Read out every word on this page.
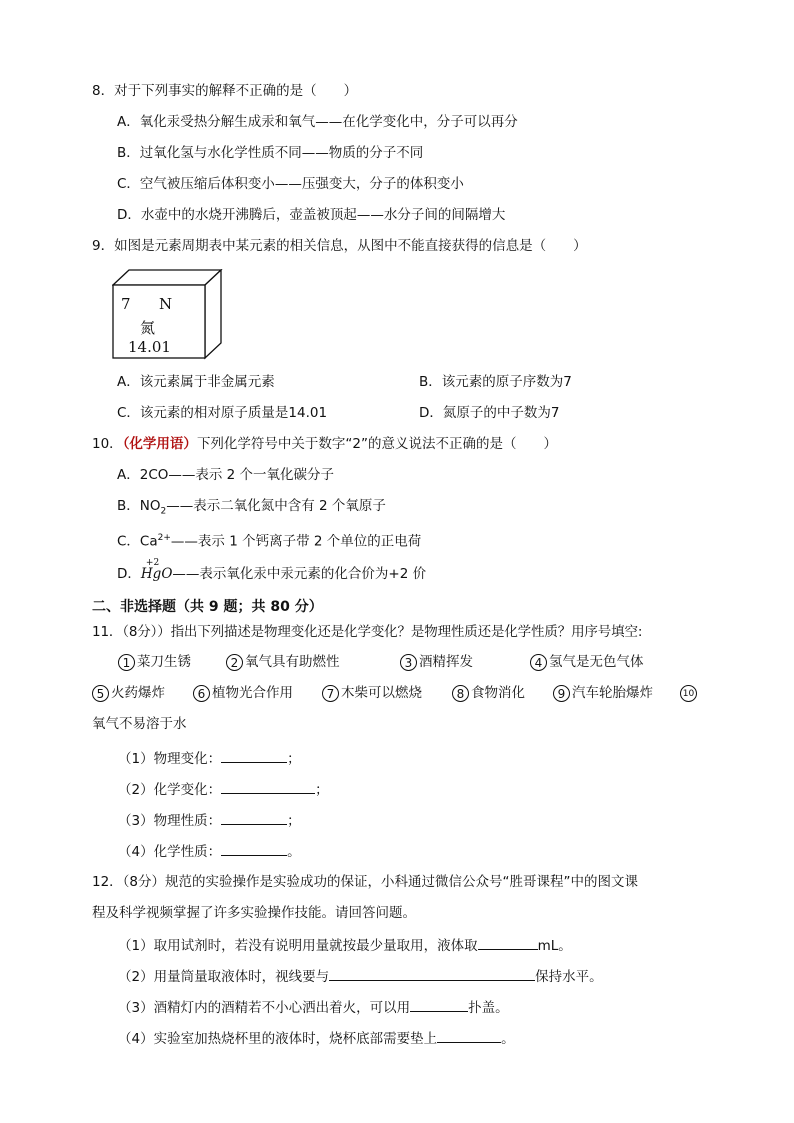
8．对于下列事实的解释不正确的是（　　）
A．氧化汞受热分解生成汞和氧气——在化学变化中，分子可以再分
B．过氧化氢与水化学性质不同——物质的分子不同
C．空气被压缩后体积变小——压强变大，分子的体积变小
D．水壶中的水烧开沸腾后，壶盖被顶起——水分子间的间隔增大
9．如图是元素周期表中某元素的相关信息，从图中不能直接获得的信息是（　　）
7 N
氮
14.01
A．该元素属于非金属元素	B．该元素的原子序数为7
C．该元素的相对原子质量是14.01	D．氮原子的中子数为7
10．（化学用语）下列化学符号中关于数字“2”的意义说法不正确的是（　　）
A．2CO——表示 2 个一氧化碳分子
B．$NO_2——$表示二氧化氮中含有 2 个氧原子
C．$Ca^{2+}——$表示 1 个钙离子带 2 个单位的正电荷
D．
+2
HgO——表示氧化汞中汞元素的化合价为+2 价
二、非选择题（共 9 题；共 80 分）
11．（8分））指出下列描述是物理变化还是化学变化？是物理性质还是化学性质？用序号填空:
1 菜刀生锈	2 氧气具有助燃性	3 酒精挥发	4 氢气是无色气体
5 火药爆炸	6 植物光合作用	7 木柴可以燃烧	8 食物消化	9 汽车轮胎爆炸	10
氧气不易溶于水
（1）物理变化：	；
（2）化学变化：	；
（3）物理性质：	；
（4）化学性质：	。
12．（8分）规范的实验操作是实验成功的保证，小科通过微信公众号“胜哥课程”中的图文课
程及科学视频掌握了许多实验操作技能。请回答问题。
（1）取用试剂时，若没有说明用量就按最少量取用，液体取	mL。
（2）用量筒量取液体时，视线要与	保持水平。
（3）酒精灯内的酒精若不小心洒出着火，可以用	扑盖。
（4）实验室加热烧杯里的液体时，烧杯底部需要垫上	。
